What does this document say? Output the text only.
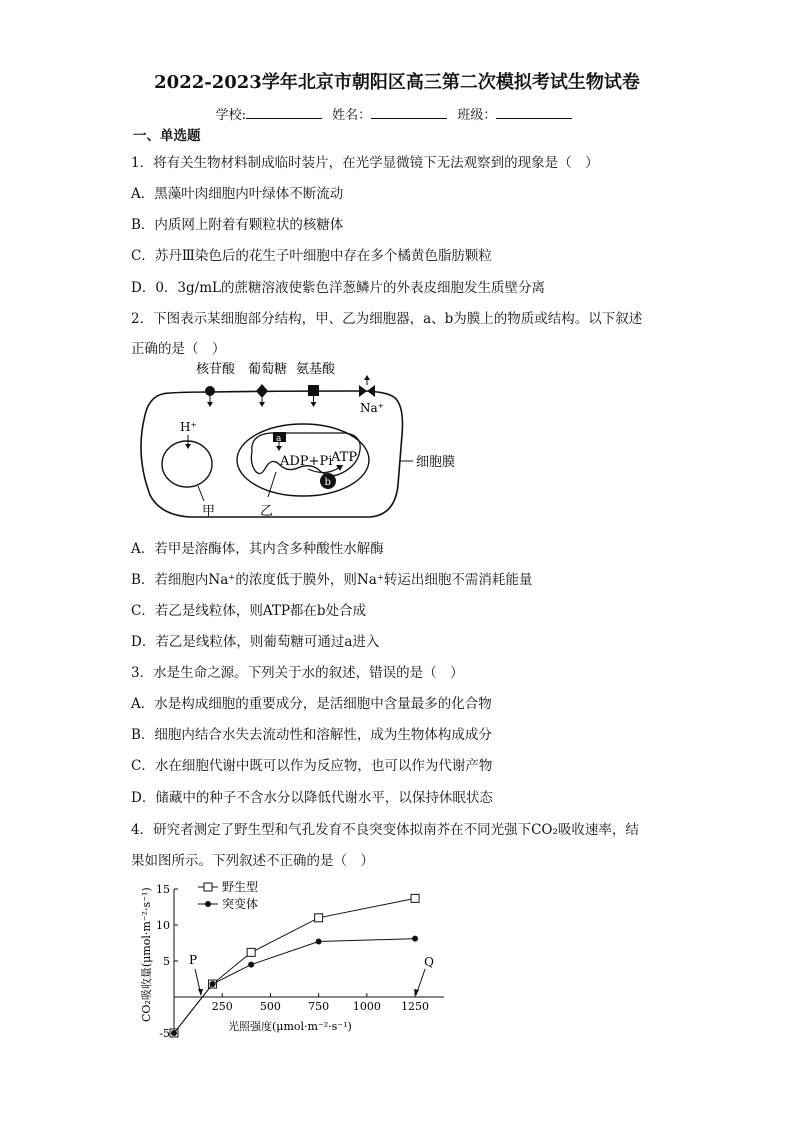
2022-2023学年北京市朝阳区高三第二次模拟考试生物试卷
学校:	姓名：	班级：
一、单选题
1．将有关生物材料制成临时装片，在光学显微镜下无法观察到的现象是（　）
A．黑藻叶肉细胞内叶绿体不断流动
B．内质网上附着有颗粒状的核糖体
C．苏丹Ⅲ染色后的花生子叶细胞中存在多个橘黄色脂肪颗粒
D．0．3g/mL的蔗糖溶液使紫色洋葱鳞片的外表皮细胞发生质壁分离
2．下图表示某细胞部分结构，甲、乙为细胞器，a、b为膜上的物质或结构。以下叙述
正确的是（　）
细胞膜
核苷酸 葡萄糖 氨基酸
Na⁺
H⁺
甲
a
ADP+Pi
ATP
b
乙
A．若甲是溶酶体，其内含多种酸性水解酶
B．若细胞内Na⁺的浓度低于膜外，则Na⁺转运出细胞不需消耗能量
C．若乙是线粒体，则ATP都在b处合成
D．若乙是线粒体，则葡萄糖可通过a进入
3．水是生命之源。下列关于水的叙述，错误的是（　）
A．水是构成细胞的重要成分，是活细胞中含量最多的化合物
B．细胞内结合水失去流动性和溶解性，成为生物体构成成分
C．水在细胞代谢中既可以作为反应物，也可以作为代谢产物
D．储藏中的种子不含水分以降低代谢水平，以保持休眠状态
4．研究者测定了野生型和气孔发育不良突变体拟南芥在不同光强下CO₂吸收速率，结
果如图所示。下列叙述不正确的是（　）
-5
5
10
15
250 500 750 1000 1250
P	Q
野生型
突变体
CO₂吸收量(μmol·m⁻²·s⁻¹)
光照强度(μmol·m⁻²·s⁻¹)
